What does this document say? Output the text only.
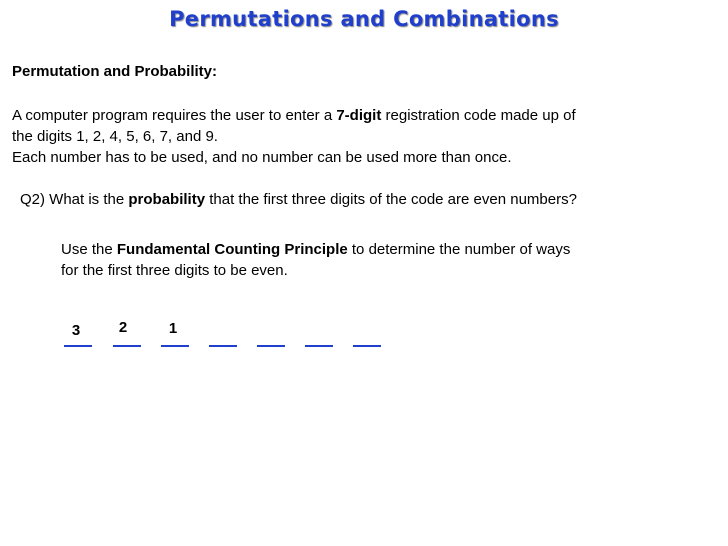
Permutations and Combinations
Permutation and Probability:
A computer program requires the user to enter a 7-digit registration code made up of
the digits 1, 2, 4, 5, 6, 7, and 9.
Each number has to be used, and no number can be used more than once.
Q2) What is the probability that the first three digits of the code are even numbers?
Use the Fundamental Counting Principle to determine the number of ways
for the first three digits to be even.
3	2	1
